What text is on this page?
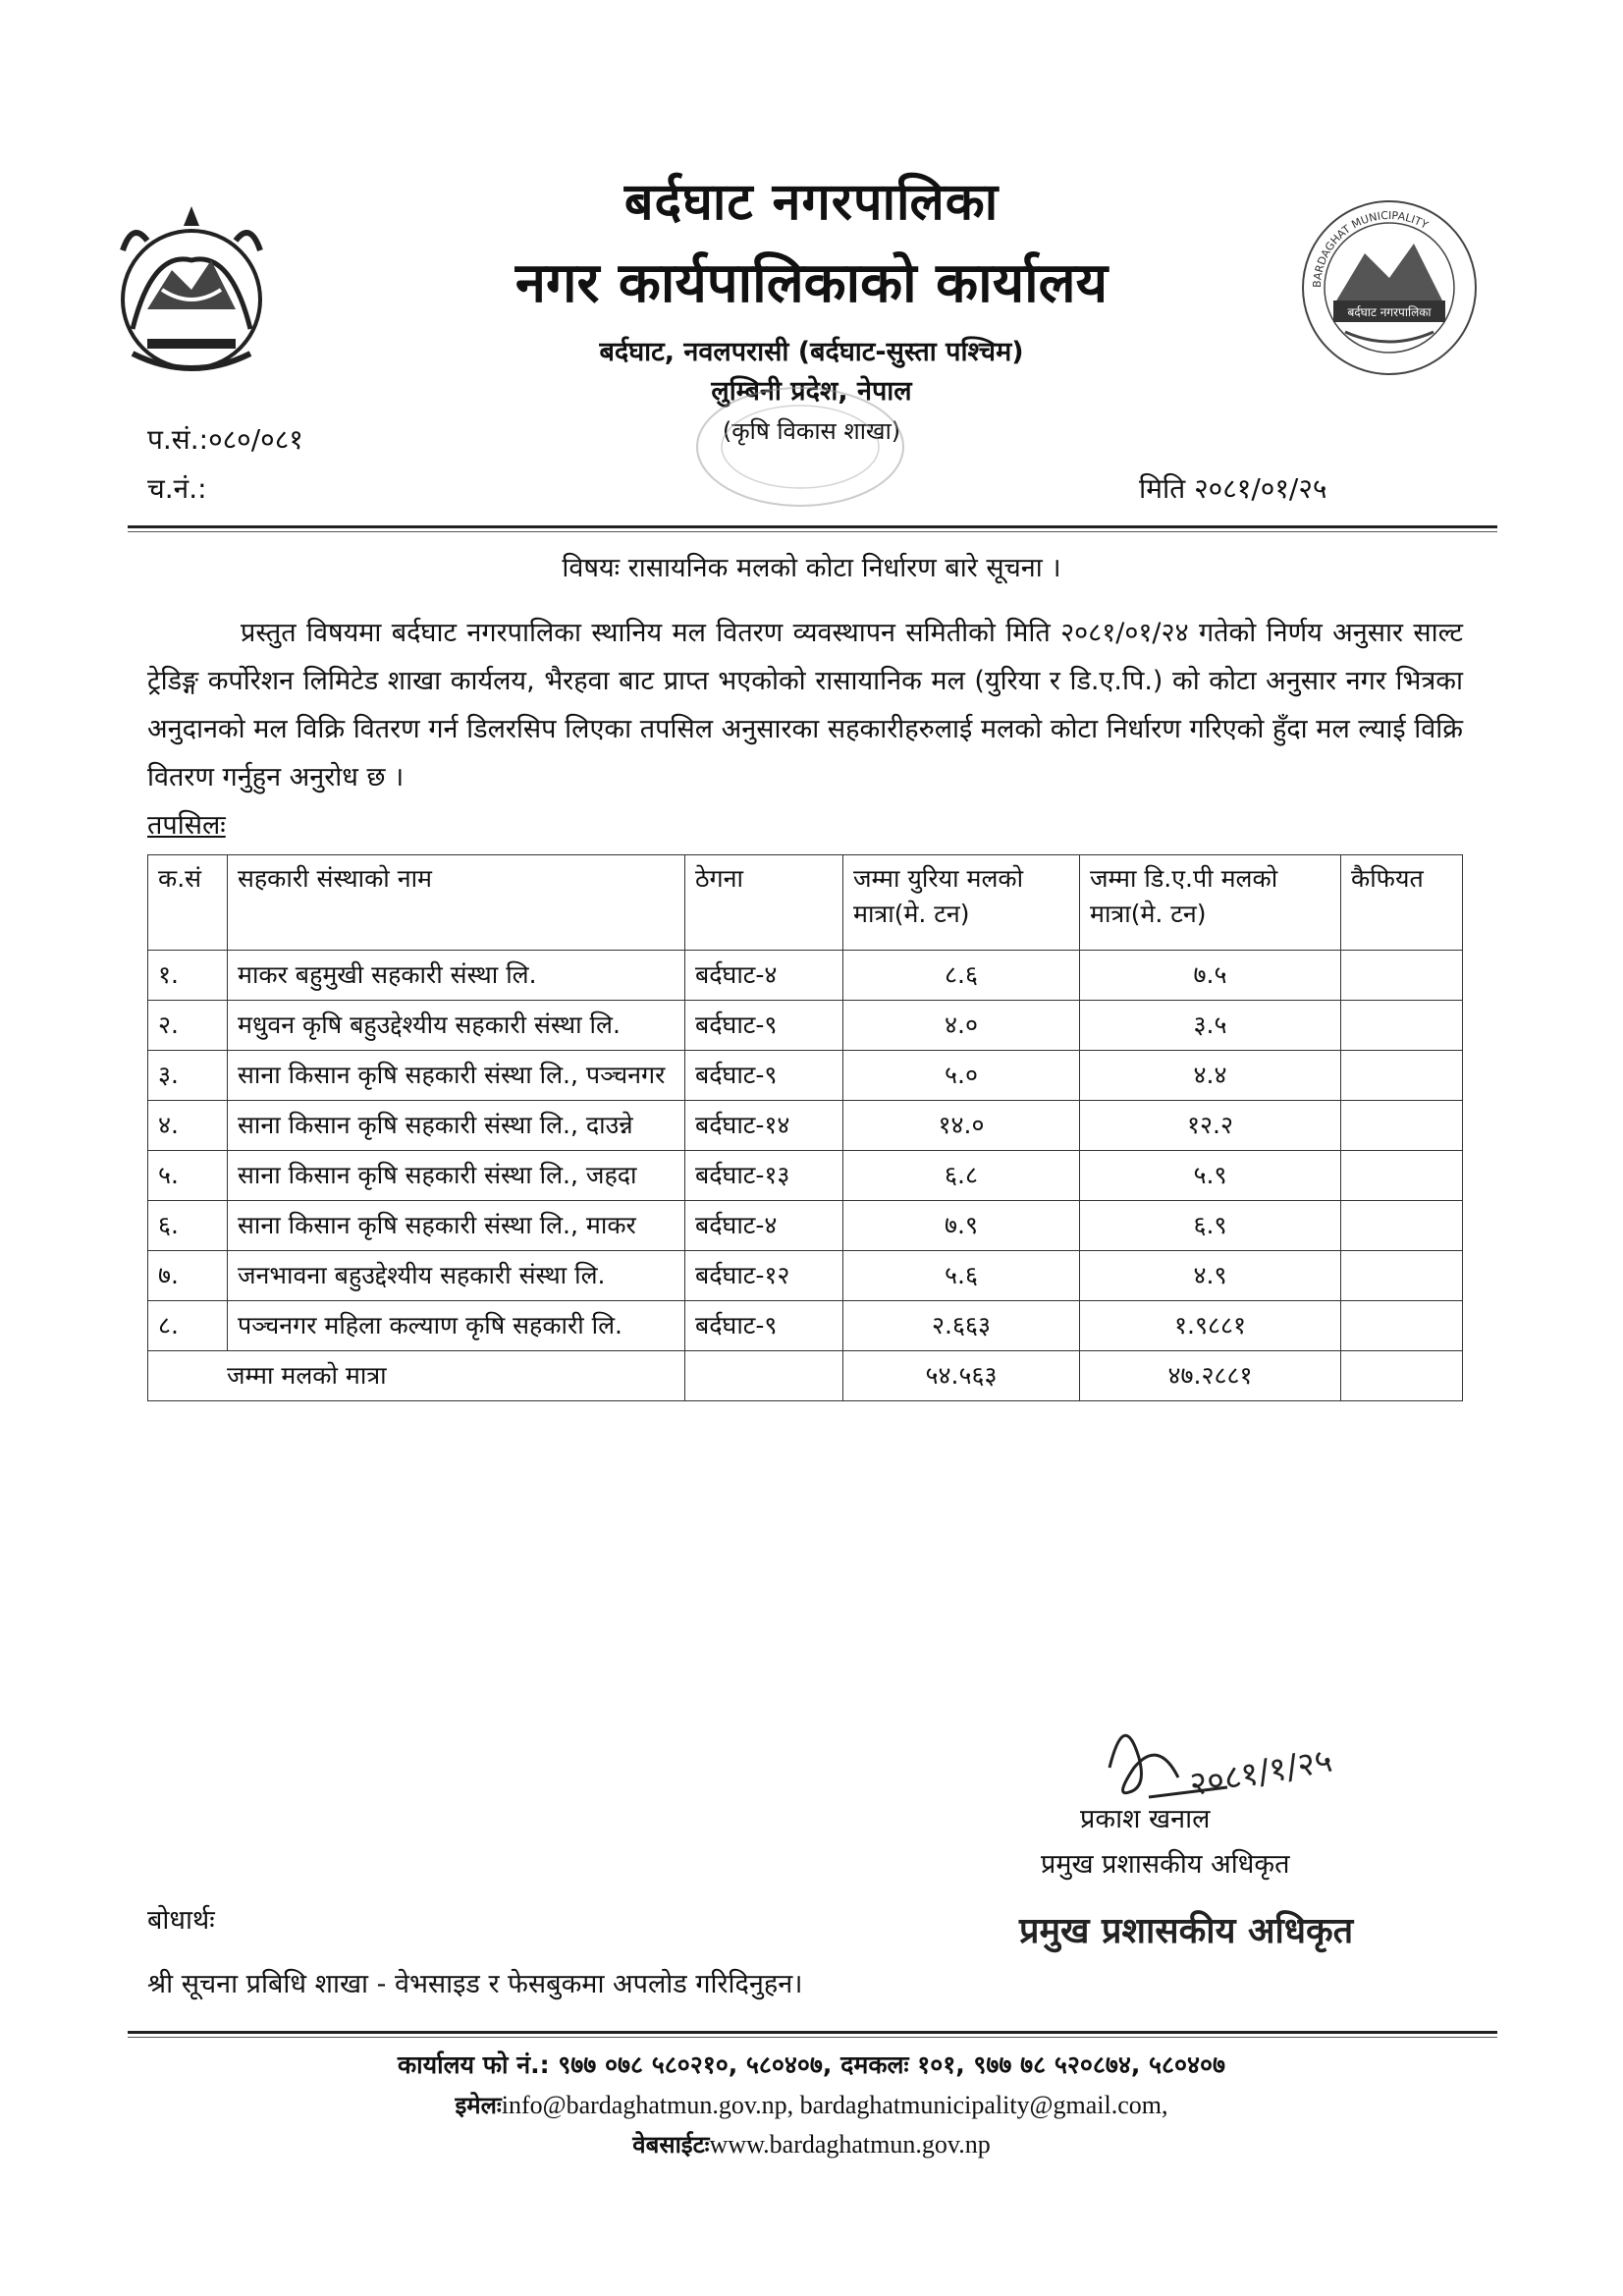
BARDAGHAT MUNICIPALITY
बर्दघाट नगरपालिका
बर्दघाट नगरपालिका
नगर कार्यपालिकाको कार्यालय
बर्दघाट, नवलपरासी (बर्दघाट-सुस्ता पश्चिम)
लुम्बिनी प्रदेश, नेपाल
(कृषि विकास शाखा)
प.सं.:०८०/०८१
च.नं.:	मिति २०८१/०१/२५
विषयः रासायनिक मलको कोटा निर्धारण बारे सूचना ।

प्रस्तुत विषयमा बर्दघाट नगरपालिका स्थानिय मल वितरण व्यवस्थापन समितीको मिति २०८१/०१/२४ गतेको निर्णय अनुसार साल्ट ट्रेडिङ्ग कर्पोरेशन लिमिटेड शाखा कार्यलय, भैरहवा बाट प्राप्त भएकोको रासायानिक मल (युरिया र डि.ए.पि.) को कोटा अनुसार नगर भित्रका अनुदानको मल विक्रि वितरण गर्न डिलरसिप लिएका तपसिल अनुसारका सहकारीहरुलाई मलको कोटा निर्धारण गरिएको हुँदा मल ल्याई विक्रि वितरण गर्नुहुन अनुरोध छ ।

तपसिलः
क.सं	सहकारी संस्थाको नाम	ठेगना	जम्मा युरिया मलको मात्रा(मे. टन)	जम्मा डि.ए.पी मलको मात्रा(मे. टन)	कैफियत
१.	माकर बहुमुखी सहकारी संस्था लि.	बर्दघाट-४	८.६	७.५	
२.	मधुवन कृषि बहुउद्देश्यीय सहकारी संस्था लि.	बर्दघाट-९	४.०	३.५	
३.	साना किसान कृषि सहकारी संस्था लि., पञ्चनगर	बर्दघाट-९	५.०	४.४	
४.	साना किसान कृषि सहकारी संस्था लि., दाउन्ने	बर्दघाट-१४	१४.०	१२.२	
५.	साना किसान कृषि सहकारी संस्था लि., जहदा	बर्दघाट-१३	६.८	५.९	
६.	साना किसान कृषि सहकारी संस्था लि., माकर	बर्दघाट-४	७.९	६.९	
७.	जनभावना बहुउद्देश्यीय सहकारी संस्था लि.	बर्दघाट-१२	५.६	४.९	
८.	पञ्चनगर महिला कल्याण कृषि सहकारी लि.	बर्दघाट-९	२.६६३	१.९८८१	
जम्मा मलको मात्रा			५४.५६३	४७.२८८१	
२०८१/१/२५
प्रकाश खनाल
प्रमुख प्रशासकीय अधिकृत
प्रमुख प्रशासकीय अधिकृत
बोधार्थः
श्री सूचना प्रबिधि शाखा - वेभसाइड र फेसबुकमा अपलोड गरिदिनुहन।
कार्यालय फो नं.: ९७७ ०७८ ५८०२१०, ५८०४०७, दमकलः १०१, ९७७ ७८ ५२०८७४, ५८०४०७
इमेलःinfo@bardaghatmun.gov.np, bardaghatmunicipality@gmail.com,
वेबसाईटःwww.bardaghatmun.gov.np
